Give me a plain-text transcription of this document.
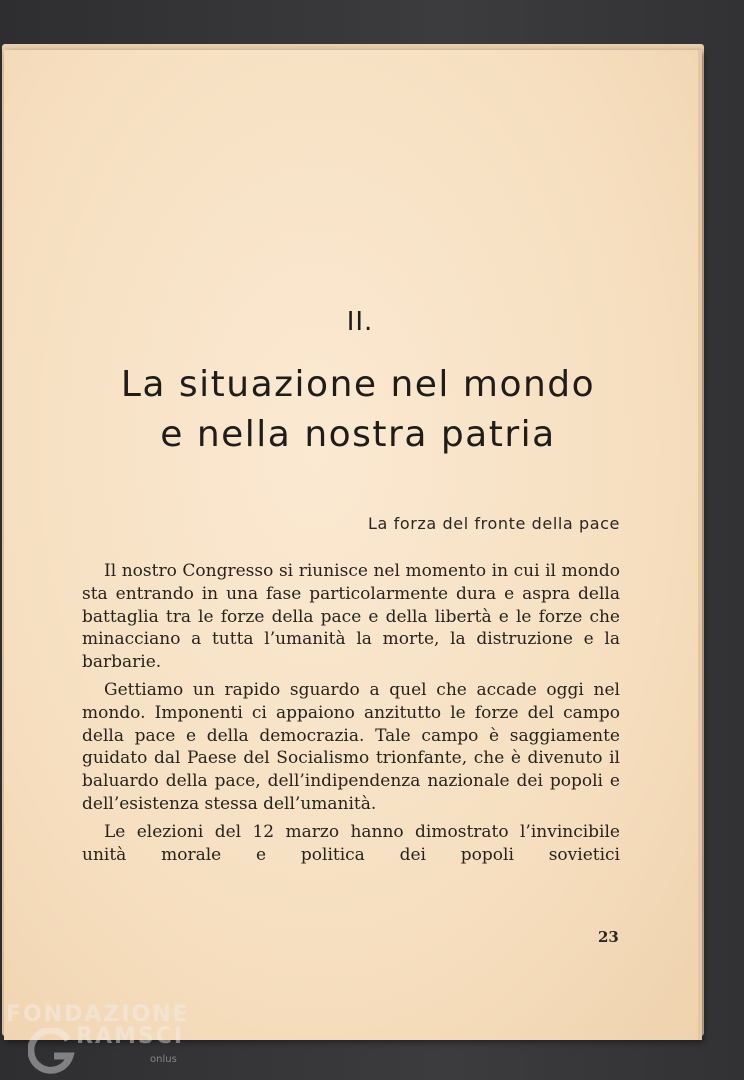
II.
La situazione nel mondo
e nella nostra patria
La forza del fronte della pace

Il nostro Congresso si riunisce nel momento in cui il mondo sta entrando in una fase particolarmente dura e aspra della battaglia tra le forze della pace e della libertà e le forze che minacciano a tutta l’umanità la morte, la distruzione e la barbarie.

Gettiamo un rapido sguardo a quel che accade oggi nel mondo. Imponenti ci appaiono anzitutto le forze del campo della pace e della democrazia. Tale campo è saggiamente guidato dal Paese del Socialismo trionfante, che è divenuto il baluardo della pace, dell’indipendenza nazionale dei popoli e dell’esistenza stessa dell’umanità.

Le elezioni del 12 marzo hanno dimostrato l’invincibile unità morale e politica dei popoli sovietici

23
FONDAZIONE
RAMSCI
onlus
